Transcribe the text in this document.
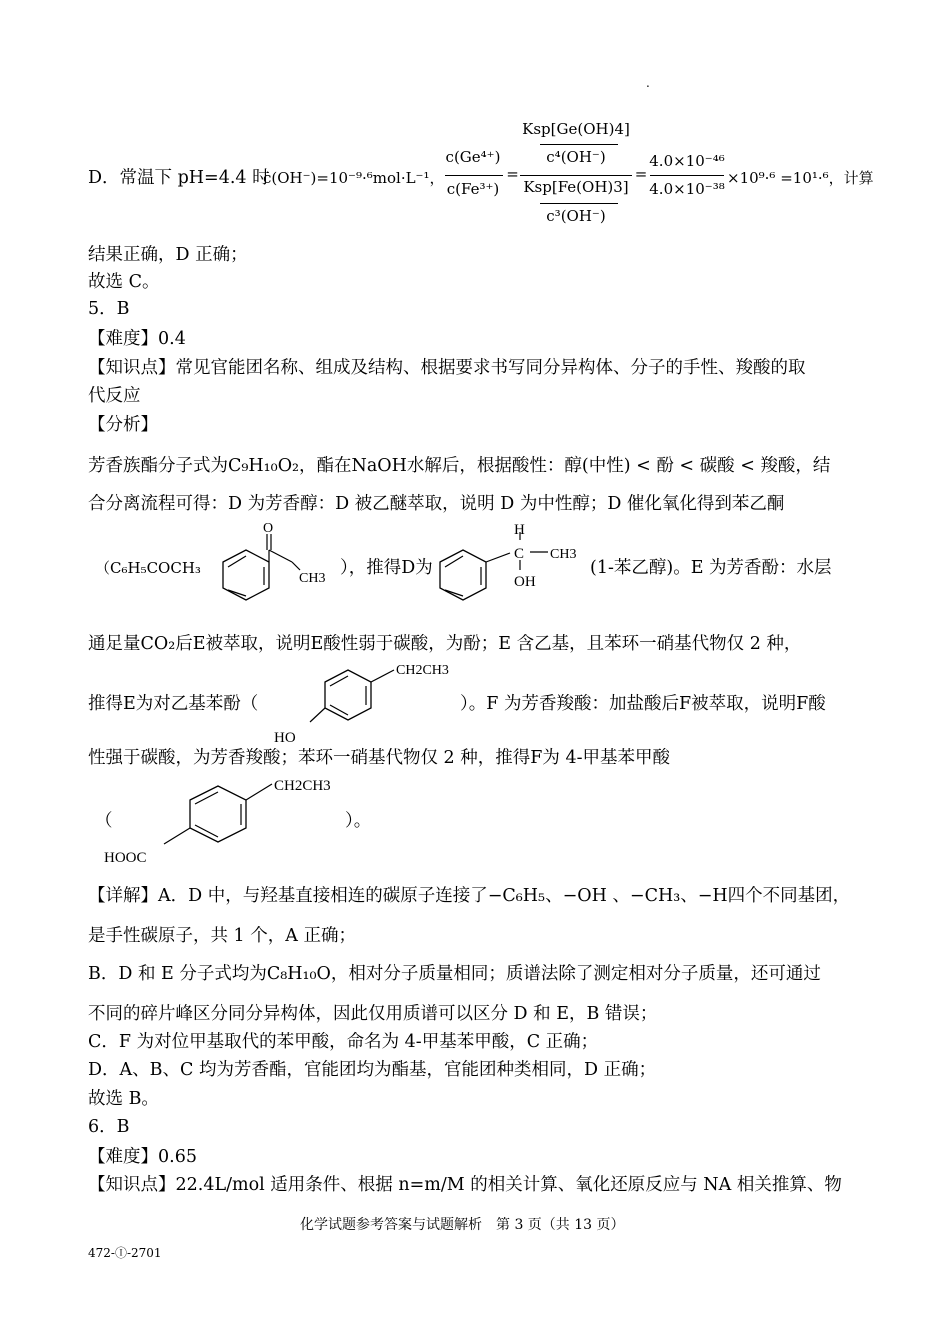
.
D．常温下 pH=4.4 时
c(OH⁻)=10⁻⁹·⁶mol·L⁻¹，
c(Ge⁴⁺)
c(Fe³⁺)
=
Ksp[Ge(OH)4]
c⁴(OH⁻)
Ksp[Fe(OH)3]
c³(OH⁻)
=
4.0×10⁻⁴⁶
4.0×10⁻³⁸
×10⁹·⁶ =10¹·⁶，计算
结果正确，D 正确；
故选 C。
5．B
【难度】0.4
【知识点】常见官能团名称、组成及结构、根据要求书写同分异构体、分子的手性、羧酸的取
代反应
【分析】
芳香族酯分子式为C₉H₁₀O₂，酯在NaOH水解后，根据酸性：醇(中性) < 酚 < 碳酸 < 羧酸，结
合分离流程可得：D 为芳香醇：D 被乙醚萃取，说明 D 为中性醇；D 催化氧化得到苯乙酮
（C₆H₅COCH₃
O
CH3
），推得D为
H
C CH3
OH
(1-苯乙醇)。E 为芳香酚：水层
通足量CO₂后E被萃取，说明E酸性弱于碳酸，为酚；E 含乙基，且苯环一硝基代物仅 2 种，
推得E为对乙基苯酚（
CH2CH3
HO
）。F 为芳香羧酸：加盐酸后F被萃取，说明F酸
性强于碳酸，为芳香羧酸；苯环一硝基代物仅 2 种，推得F为 4-甲基苯甲酸
（
CH2CH3
HOOC
）。
【详解】A．D 中，与羟基直接相连的碳原子连接了−C₆H₅、−OH 、−CH₃、−H四个不同基团，
是手性碳原子，共 1 个，A 正确；
B．D 和 E 分子式均为C₈H₁₀O，相对分子质量相同；质谱法除了测定相对分子质量，还可通过
不同的碎片峰区分同分异构体，因此仅用质谱可以区分 D 和 E，B 错误；
C．F 为对位甲基取代的苯甲酸，命名为 4-甲基苯甲酸，C 正确；
D．A、B、C 均为芳香酯，官能团均为酯基，官能团种类相同，D 正确；
故选 B。
6．B
【难度】0.65
【知识点】22.4L/mol 适用条件、根据 n=m/M 的相关计算、氧化还原反应与 NA 相关推算、物
化学试题参考答案与试题解析　第 3 页（共 13 页）
472-Ⓘ-2701
